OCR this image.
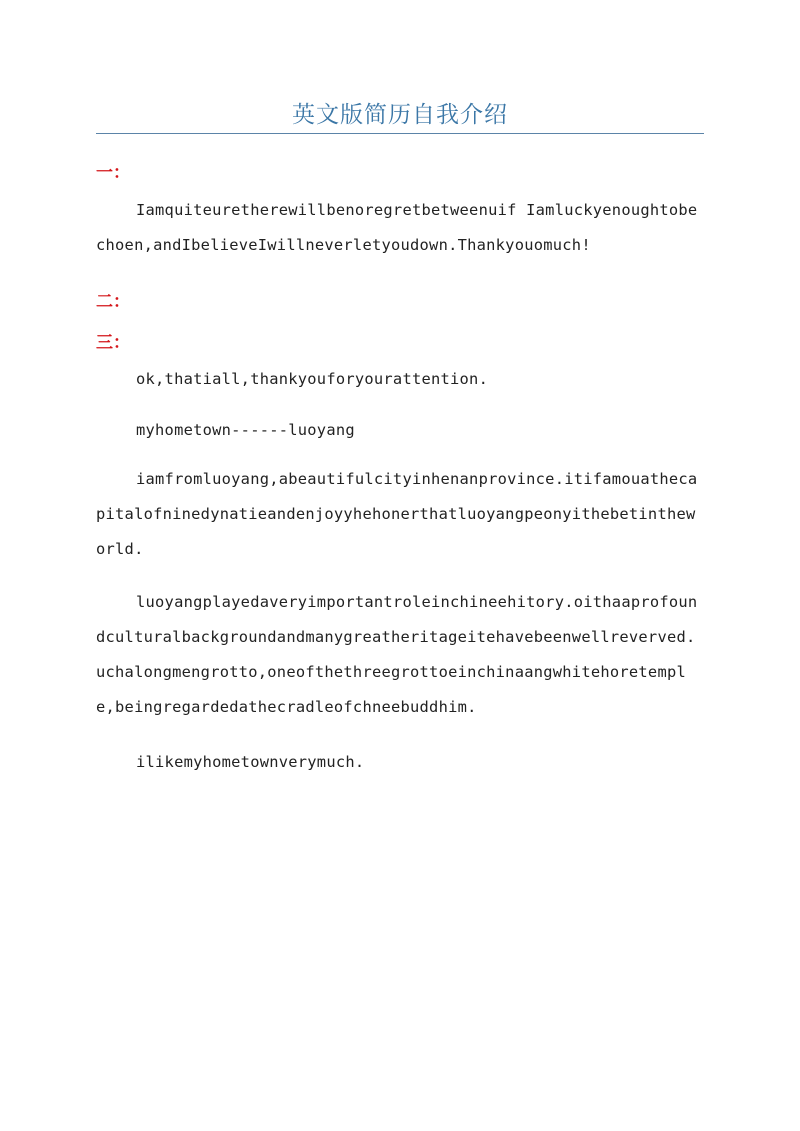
英文版简历自我介绍
一：

Iamquiteuretherewillbenoregretbetweenuif Iamluckyenoughtobechoen,andIbelieveIwillneverletyoudown.Thankyouomuch!

二：
三：

ok,thatiall,thankyouforyourattention.

myhometown------luoyang

iamfromluoyang,abeautifulcityinhenanprovince.itifamouathecapitalofninedynatieandenjoyyhehonerthatluoyangpeonyithebetintheworld.

luoyangplayedaveryimportantroleinchineehitory.oithaaprofoundculturalbackgroundandmanygreatheritageitehavebeenwellreverved.uchalongmengrotto,oneofthethreegrottoeinchinaangwhitehoretemple,beingregardedathecradleofchneebuddhim.

ilikemyhometownverymuch.
